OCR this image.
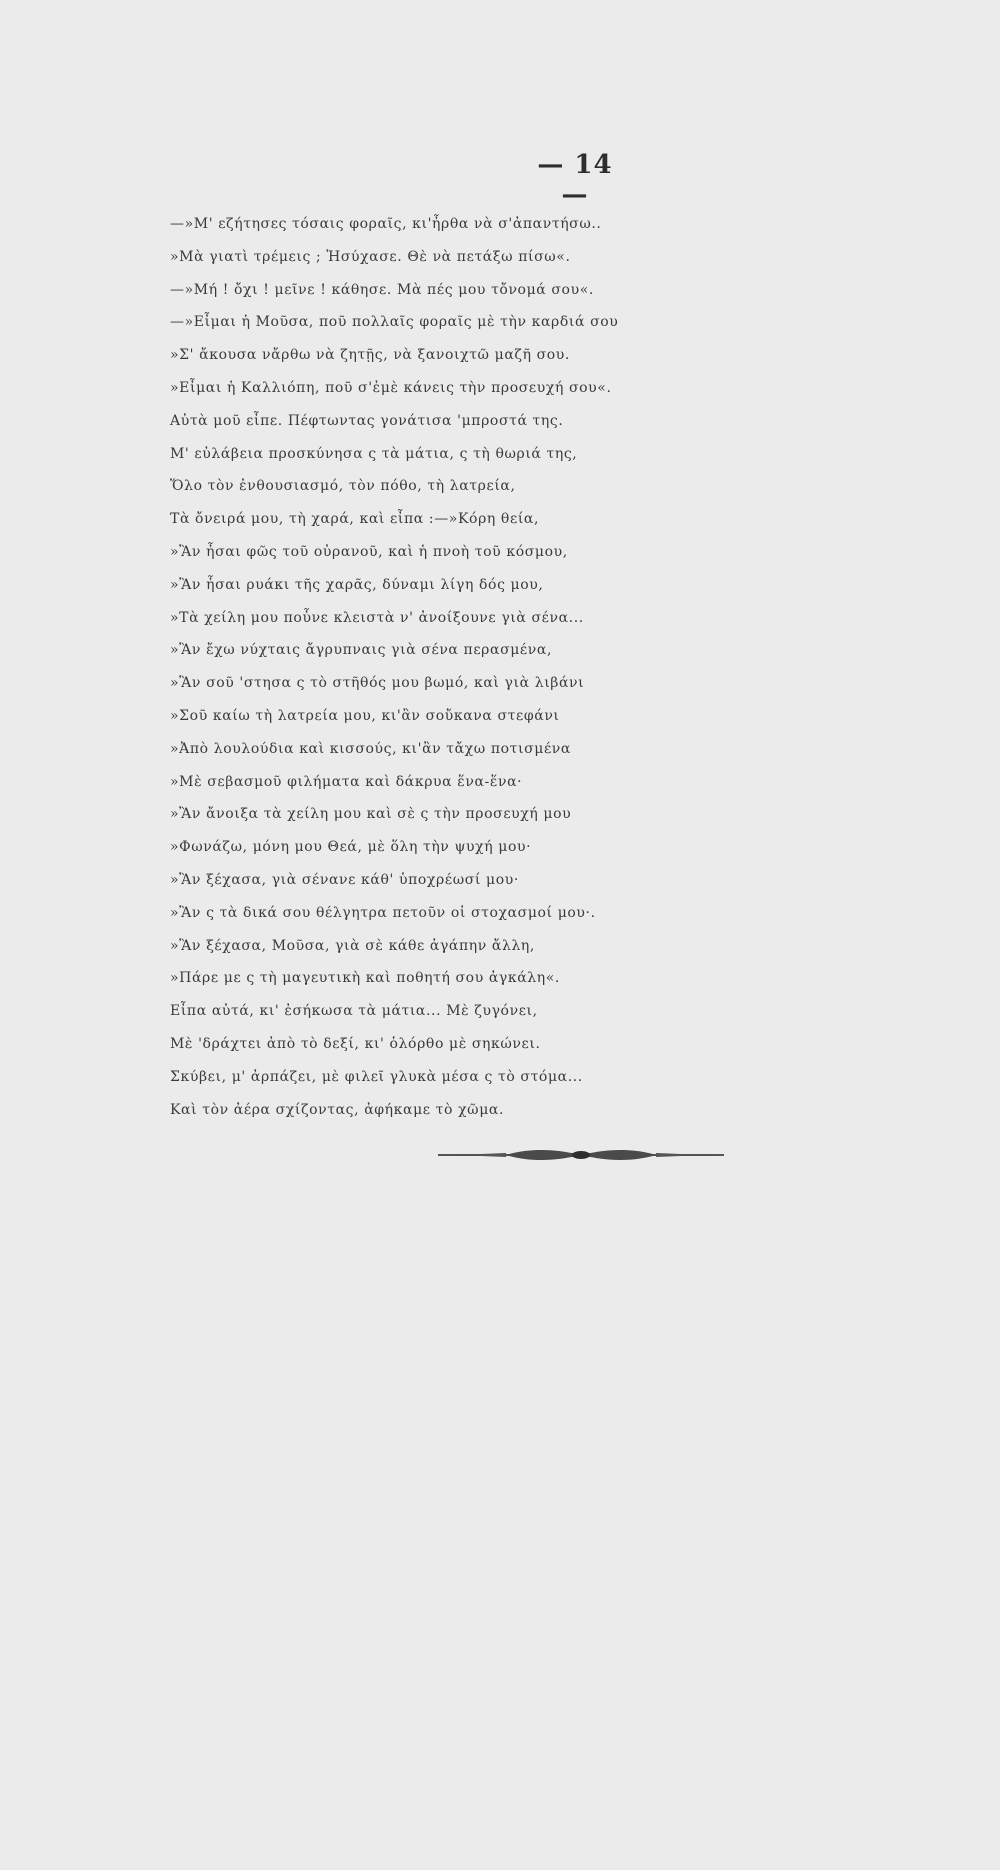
— 14 —
—»Μ' εζήτησες τόσαις φοραῖς, κι'ἦρθα νὰ σ'ἀπαντήσω..
»Μὰ γιατὶ τρέμεις ; Ἡσύχασε. Θὲ νὰ πετάξω πίσω«.
—»Μή ! ὄχι ! μεῖνε ! κάθησε. Μὰ πές μου τὄνομά σου«.
—»Εἶμαι ἡ Μοῦσα, ποῦ πολλαῖς φοραῖς μὲ τὴν καρδιά σου
»Σ' ἄκουσα νἄρθω νὰ ζητῇς, νὰ ξανοιχτῶ μαζῆ σου.
»Εἶμαι ἡ Καλλιόπη, ποῦ σ'ἐμὲ κάνεις τὴν προσευχή σου«.
Αὐτὰ μοῦ εἶπε. Πέφτωντας γονάτισα 'μπροστά της.
Μ' εὐλάβεια προσκύνησα ς τὰ μάτια, ς τὴ θωριά της,
Ὅλο τὸν ἐνθουσιασμό, τὸν πόθο, τὴ λατρεία,
Τὰ ὄνειρά μου, τὴ χαρά, καὶ εἶπα :—»Κόρη θεία,
»Ἂν ἦσαι φῶς τοῦ οὐρανοῦ, καὶ ἡ πνοὴ τοῦ κόσμου,
»Ἂν ἦσαι ρυάκι τῆς χαρᾶς, δύναμι λίγη δός μου,
»Τὰ χείλη μου ποὖνε κλειστὰ ν' ἀνοίξουνε γιὰ σένα...
»Ἂν ἔχω νύχταις ἄγρυπναις γιὰ σένα περασμένα,
»Ἂν σοῦ 'στησα ς τὸ στῆθός μου βωμό, καὶ γιὰ λιβάνι
»Σοῦ καίω τὴ λατρεία μου, κι'ἂν σοὔκανα στεφάνι
»Ἀπὸ λουλούδια καὶ κισσούς, κι'ἂν τἄχω ποτισμένα
»Μὲ σεβασμοῦ φιλήματα καὶ δάκρυα ἕνα-ἕνα·
»Ἂν ἄνοιξα τὰ χείλη μου καὶ σὲ ς τὴν προσευχή μου
»Φωνάζω, μόνη μου Θεά, μὲ ὅλη τὴν ψυχή μου·
»Ἂν ξέχασα, γιὰ σένανε κάθ' ὑποχρέωσί μου·
»Ἂν ς τὰ δικά σου θέλγητρα πετοῦν οἱ στοχασμοί μου·.
»Ἂν ξέχασα, Μοῦσα, γιὰ σὲ κάθε ἀγάπην ἄλλη,
»Πάρε με ς τὴ μαγευτικὴ καὶ ποθητή σου ἀγκάλη«.
Εἶπα αὐτά, κι' ἐσήκωσα τὰ μάτια... Μὲ ζυγόνει,
Μὲ 'δράχτει ἀπὸ τὸ δεξί, κι' ὁλόρθο μὲ σηκώνει.
Σκύβει, μ' ἀρπάζει, μὲ φιλεῖ γλυκὰ μέσα ς τὸ στόμα...
Καὶ τὸν ἀέρα σχίζοντας, ἀφήκαμε τὸ χῶμα.
